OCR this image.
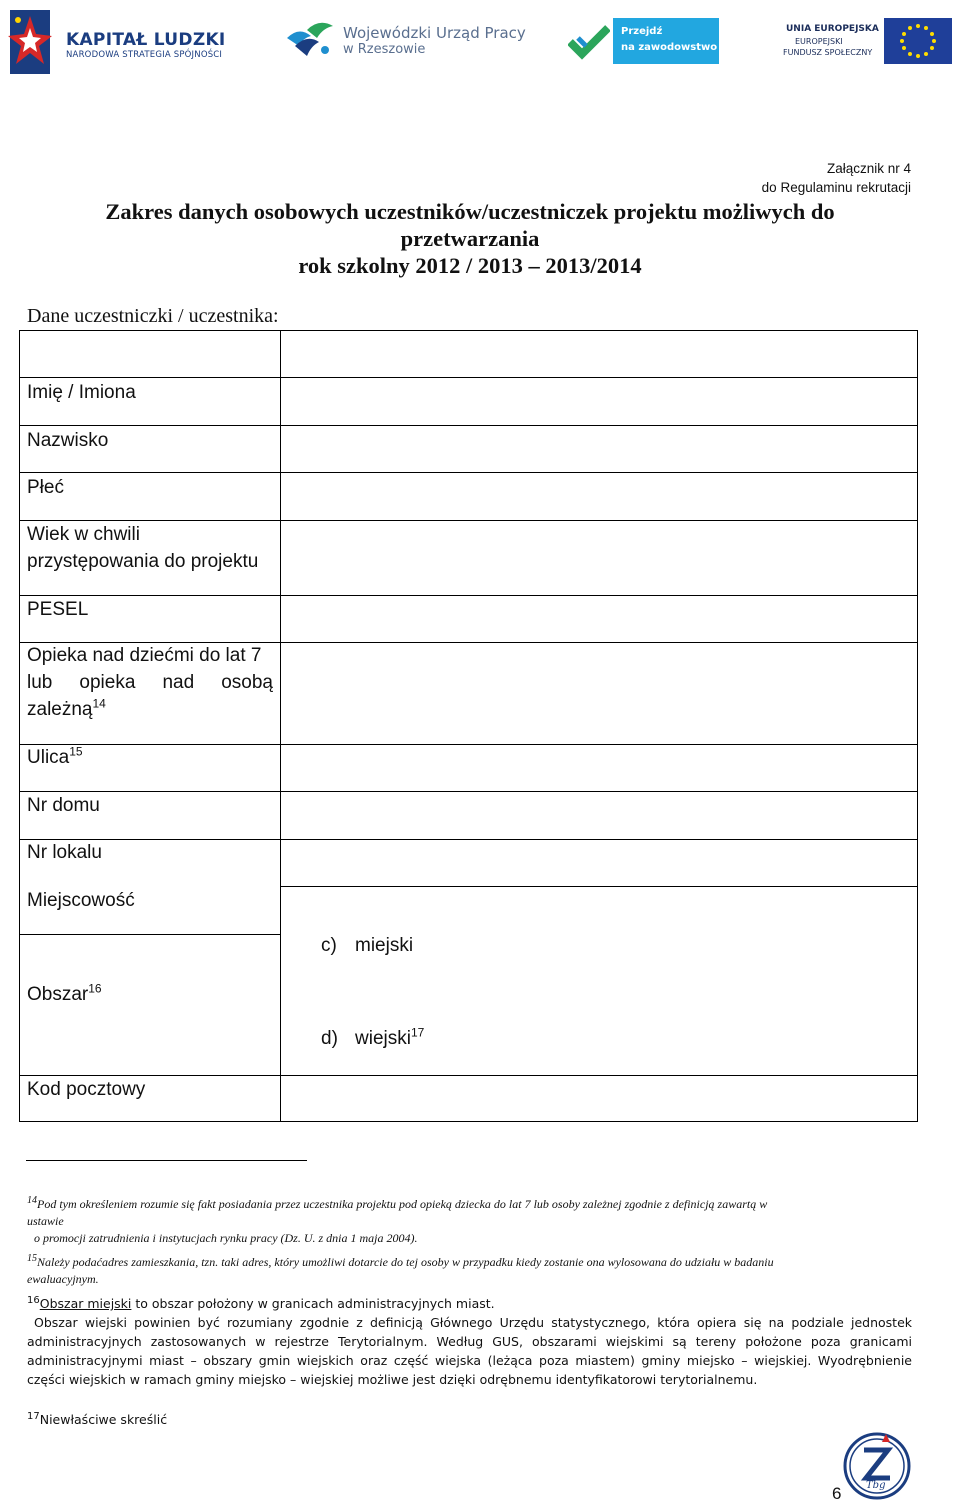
KAPITAŁ LUDZKI
NARODOWA STRATEGIA SPÓJNOŚCI
Wojewódzki Urząd Pracy
w Rzeszowie
Przejdź
na zawodowstwo
UNIA EUROPEJSKA
EUROPEJSKI
FUNDUSZ SPOŁECZNY
Załącznik nr 4
do Regulaminu rekrutacji
Zakres danych osobowych uczestników/uczestniczek projektu możliwych do
przetwarzania
rok szkolny 2012 / 2013 – 2013/2014
Dane uczestniczki / uczestnika:
Imię / Imiona
Nazwisko
Płeć
Wiek w chwili
przystępowania do projektu
PESEL
Opieka nad dziećmi do lat 7
lub opieka nad osobą
zależną$^{14}$
Ulica$^{15}$
Nr domu
Nr lokalu
Miejscowość
Obszar$^{16}$
c) miejski
d) wiejski$^{17}$
Kod pocztowy
$^{14}$Pod tym określeniem rozumie się fakt posiadania przez uczestnika projektu pod opieką dziecka do lat 7 lub osoby zależnej zgodnie z definicją zawartą w
ustawie
o promocji zatrudnienia i instytucjach rynku pracy (Dz. U. z dnia 1 maja 2004).
$^{15}$Należy podaćadres zamieszkania, tzn. taki adres, który umożliwi dotarcie do tej osoby w przypadku kiedy zostanie ona wylosowana do udziału w badaniu
ewaluacyjnym.
$^{16}$Obszar miejski to obszar położony w granicach administracyjnych miast.
Obszar wiejski powinien być rozumiany zgodnie z definicją Głównego Urzędu statystycznego, która opiera się na podziale jednostek administracyjnych zastosowanych w rejestrze Terytorialnym. Według GUS, obszarami wiejskimi są tereny położone poza granicami administracyjnymi miast – obszary gmin wiejskich oraz część wiejska (leżąca poza miastem) gminy miejsko – wiejskiej. Wyodrębnienie części wiejskich w ramach gminy miejsko – wiejskiej możliwe jest dzięki odrębnemu identyfikatorowi terytorialnemu.
$^{17}$Niewłaściwe skreślić
Tbg
6
